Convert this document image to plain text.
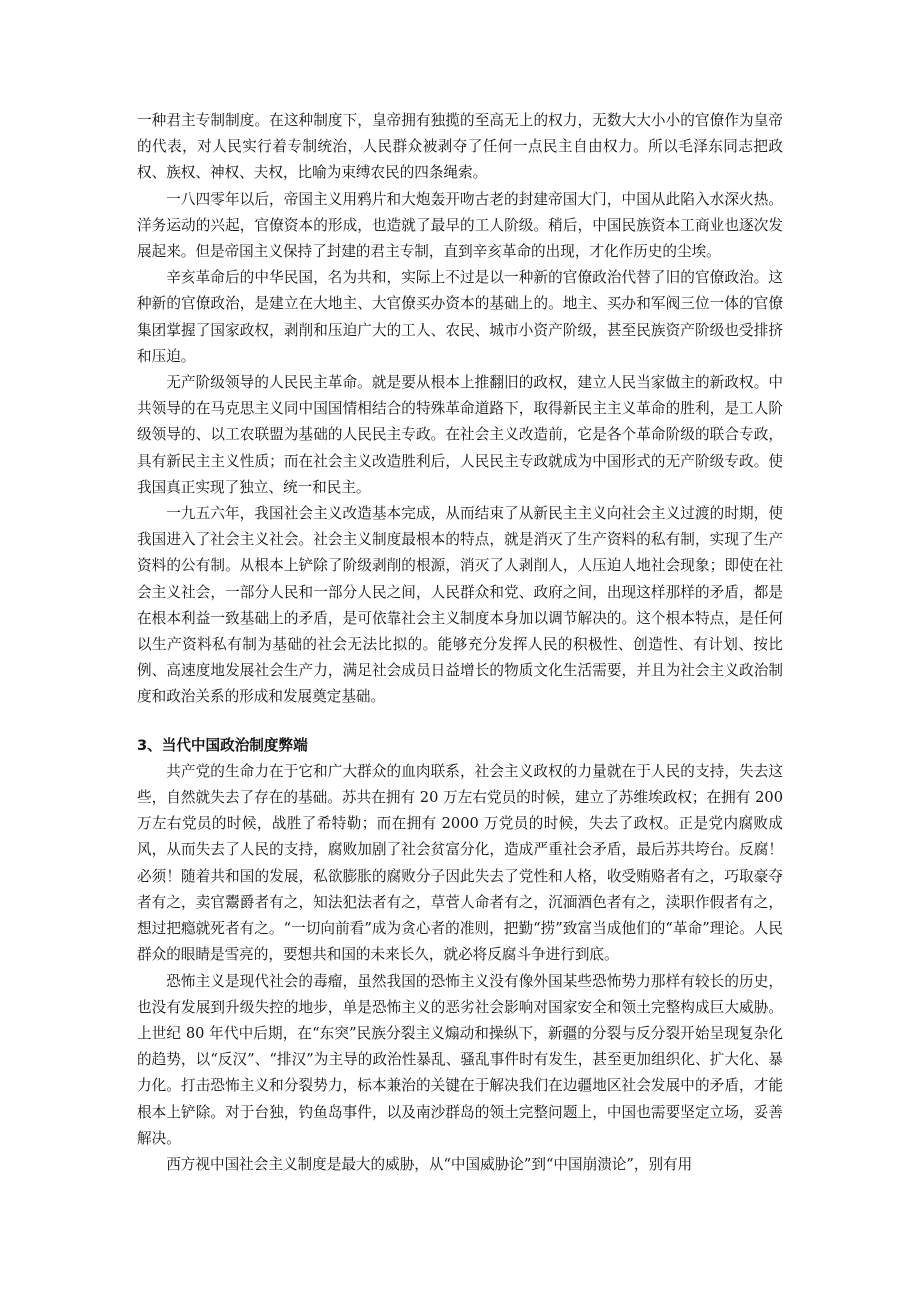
一种君主专制制度。在这种制度下，皇帝拥有独揽的至高无上的权力，无数大大小小的官僚作为皇帝的代表，对人民实行着专制统治，人民群众被剥夺了任何一点民主自由权力。所以毛泽东同志把政权、族权、神权、夫权，比喻为束缚农民的四条绳索。

一八四零年以后，帝国主义用鸦片和大炮轰开吻古老的封建帝国大门，中国从此陷入水深火热。洋务运动的兴起，官僚资本的形成，也造就了最早的工人阶级。稍后，中国民族资本工商业也逐次发展起来。但是帝国主义保持了封建的君主专制，直到辛亥革命的出现，才化作历史的尘埃。

辛亥革命后的中华民国，名为共和，实际上不过是以一种新的官僚政治代替了旧的官僚政治。这种新的官僚政治，是建立在大地主、大官僚买办资本的基础上的。地主、买办和军阀三位一体的官僚集团掌握了国家政权，剥削和压迫广大的工人、农民、城市小资产阶级，甚至民族资产阶级也受排挤和压迫。

无产阶级领导的人民民主革命。就是要从根本上推翻旧的政权，建立人民当家做主的新政权。中共领导的在马克思主义同中国国情相结合的特殊革命道路下，取得新民主主义革命的胜利，是工人阶级领导的、以工农联盟为基础的人民民主专政。在社会主义改造前，它是各个革命阶级的联合专政，具有新民主主义性质；而在社会主义改造胜利后，人民民主专政就成为中国形式的无产阶级专政。使我国真正实现了独立、统一和民主。

一九五六年，我国社会主义改造基本完成，从而结束了从新民主主义向社会主义过渡的时期，使我国进入了社会主义社会。社会主义制度最根本的特点，就是消灭了生产资料的私有制，实现了生产资料的公有制。从根本上铲除了阶级剥削的根源，消灭了人剥削人，人压迫人地社会现象；即使在社会主义社会，一部分人民和一部分人民之间，人民群众和党、政府之间，出现这样那样的矛盾，都是在根本利益一致基础上的矛盾，是可依靠社会主义制度本身加以调节解决的。这个根本特点，是任何以生产资料私有制为基础的社会无法比拟的。能够充分发挥人民的积极性、创造性、有计划、按比例、高速度地发展社会生产力，满足社会成员日益增长的物质文化生活需要，并且为社会主义政治制度和政治关系的形成和发展奠定基础。

3、当代中国政治制度弊端

共产党的生命力在于它和广大群众的血肉联系，社会主义政权的力量就在于人民的支持，失去这些，自然就失去了存在的基础。苏共在拥有 20 万左右党员的时候，建立了苏维埃政权；在拥有 200 万左右党员的时候，战胜了希特勒；而在拥有 2000 万党员的时候，失去了政权。正是党内腐败成风，从而失去了人民的支持，腐败加剧了社会贫富分化，造成严重社会矛盾，最后苏共垮台。反腐！必须！随着共和国的发展，私欲膨胀的腐败分子因此失去了党性和人格，收受贿赂者有之，巧取豪夺者有之，卖官鬻爵者有之，知法犯法者有之，草菅人命者有之，沉湎酒色者有之，渎职作假者有之，想过把瘾就死者有之。“一切向前看”成为贪心者的准则，把勤“捞”致富当成他们的“革命”理论。人民群众的眼睛是雪亮的，要想共和国的未来长久，就必将反腐斗争进行到底。

恐怖主义是现代社会的毒瘤，虽然我国的恐怖主义没有像外国某些恐怖势力那样有较长的历史，也没有发展到升级失控的地步，单是恐怖主义的恶劣社会影响对国家安全和领土完整构成巨大威胁。上世纪 80 年代中后期，在“东突”民族分裂主义煽动和操纵下，新疆的分裂与反分裂开始呈现复杂化的趋势，以“反汉”、“排汉”为主导的政治性暴乱、骚乱事件时有发生，甚至更加组织化、扩大化、暴力化。打击恐怖主义和分裂势力，标本兼治的关键在于解决我们在边疆地区社会发展中的矛盾，才能根本上铲除。对于台独，钓鱼岛事件，以及南沙群岛的领土完整问题上，中国也需要坚定立场，妥善解决。

西方视中国社会主义制度是最大的威胁，从“中国威胁论”到“中国崩溃论”，别有用
